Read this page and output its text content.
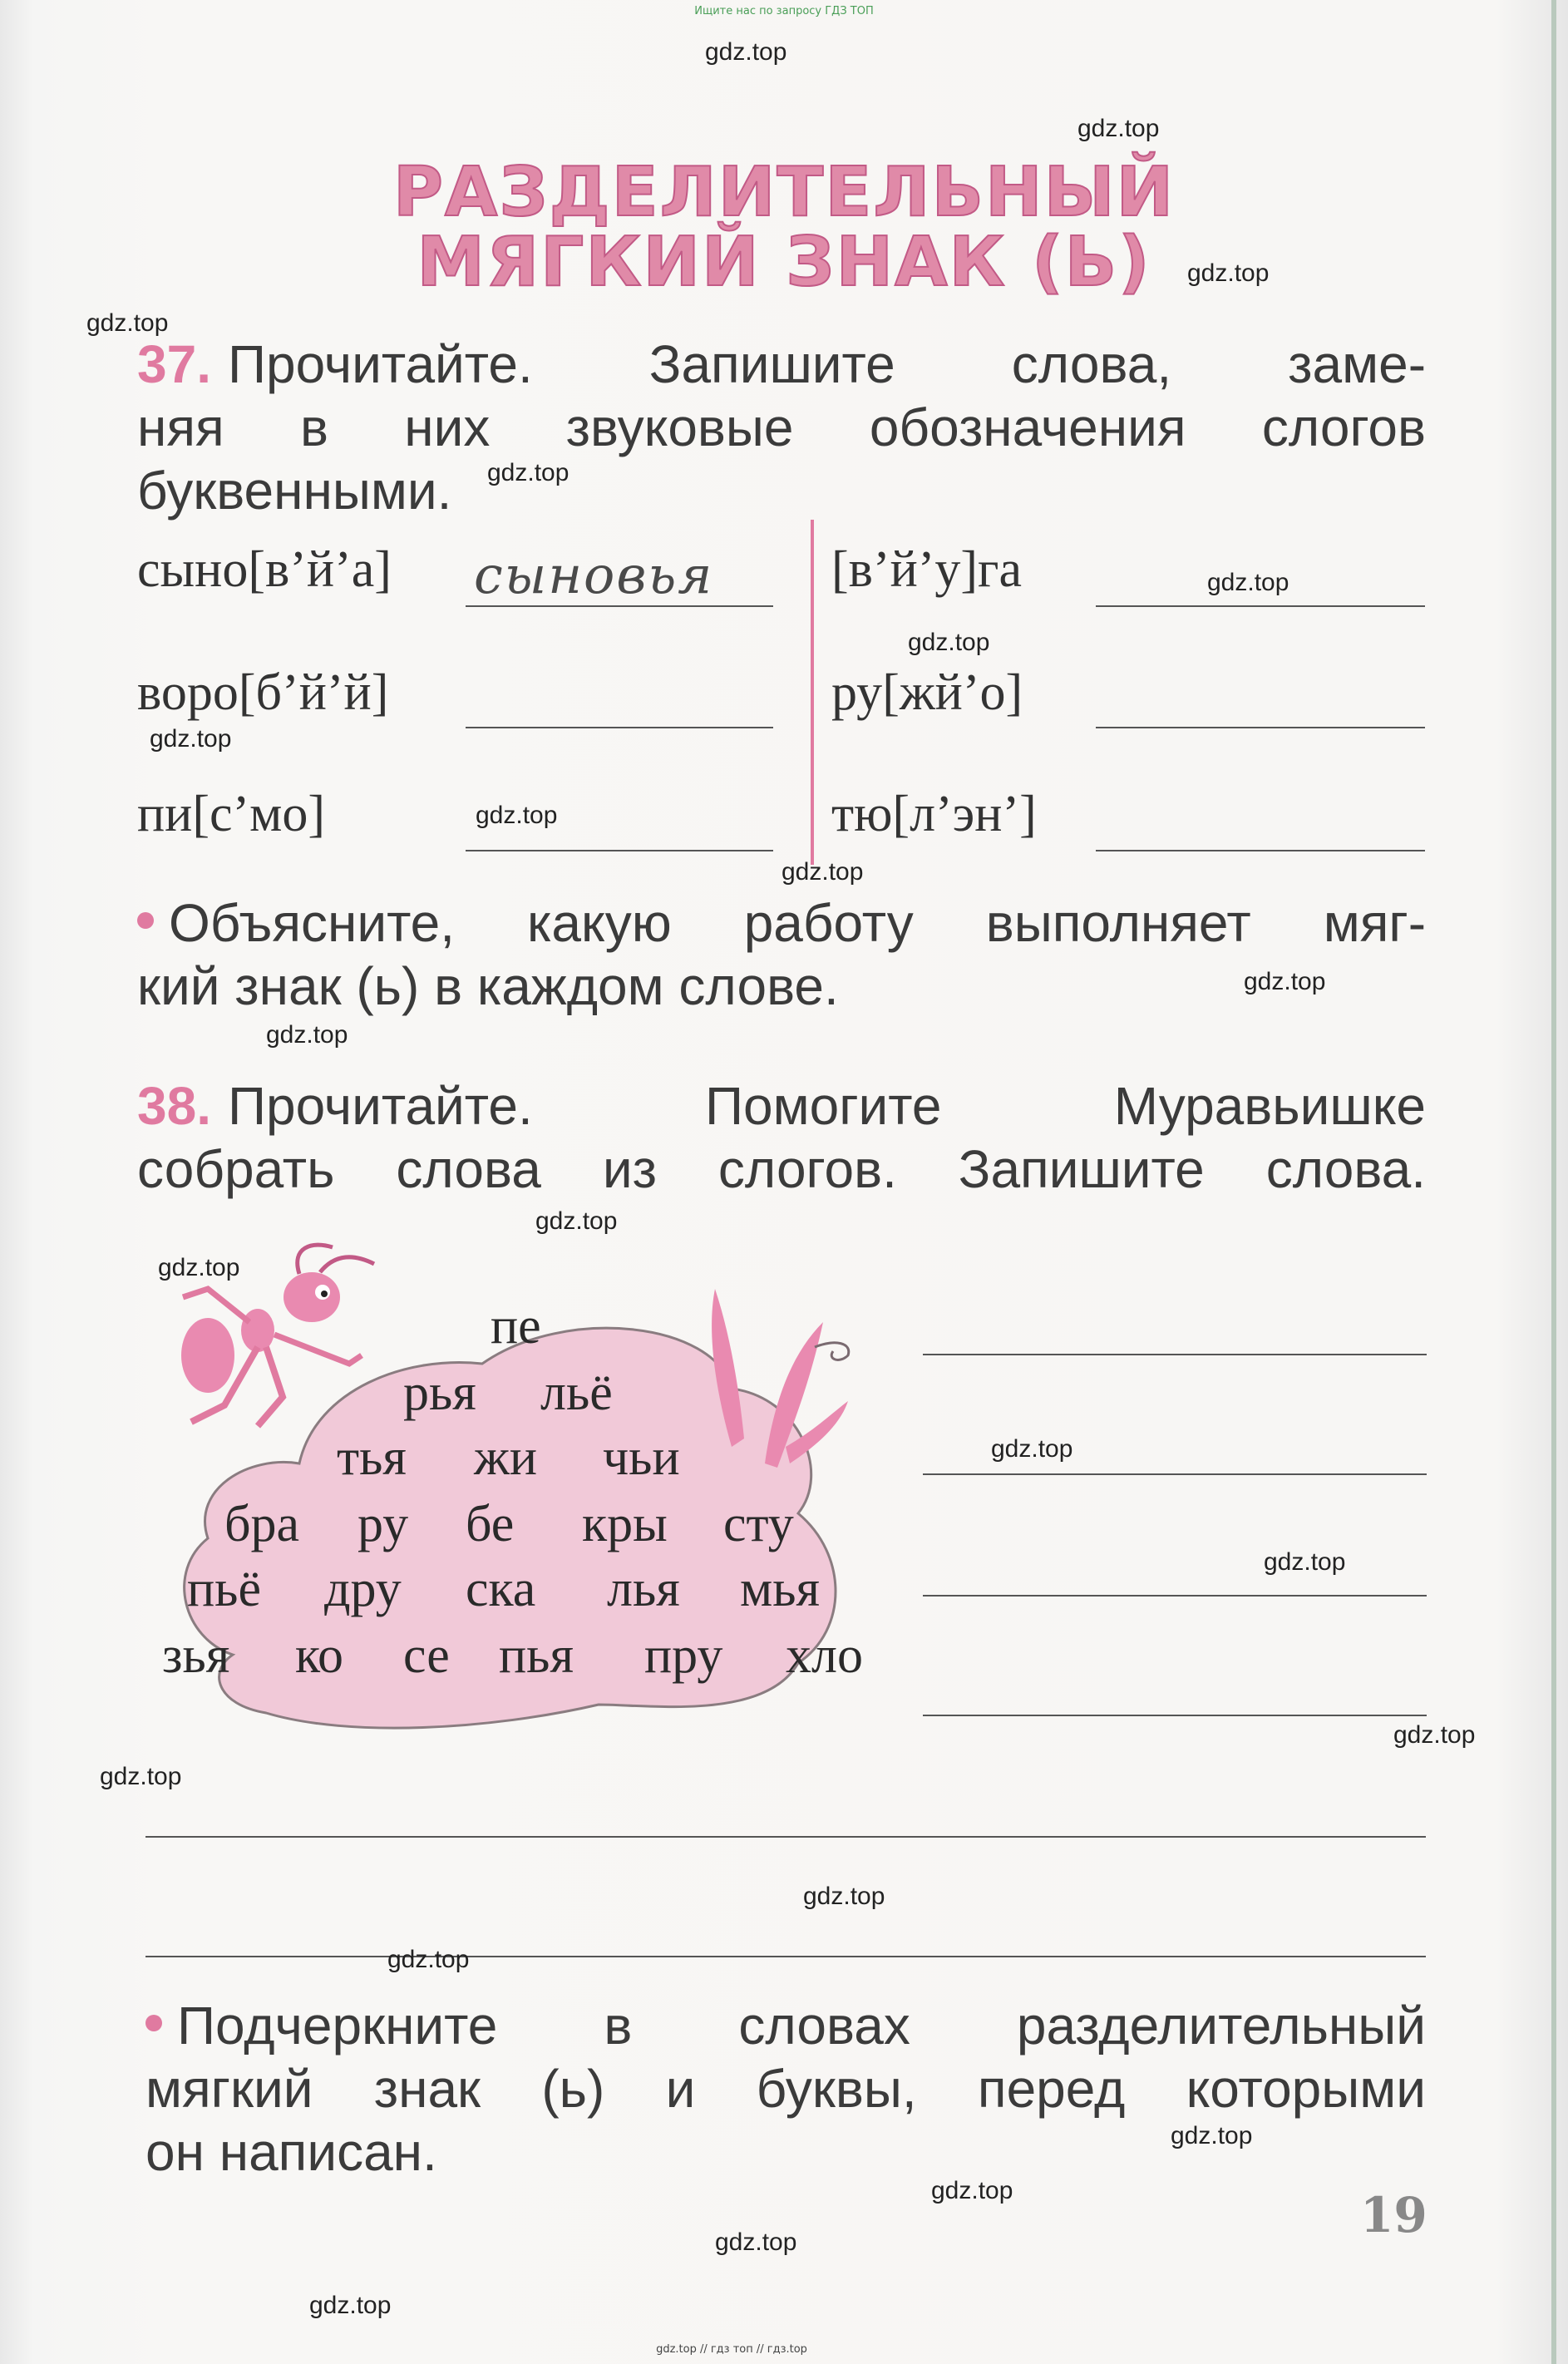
Ищите нас по запросу ГДЗ ТОП
РАЗДЕЛИТЕЛЬНЫЙ
МЯГКИЙ ЗНАК (Ь)
37. Прочитайте. Запишите слова, заме-
няя в них звуковые обозначения слогов
буквенными.
сыно[в’й’а] сыновья
воро[б’й’й]
пи[с’мо]
[в’й’у]га
ру[жй’о]
тю[л’эн’]
Объясните, какую работу выполняет мяг-
кий знак (ь) в каждом слове.
38. Прочитайте. Помогите Муравьишке
собрать слова из слогов. Запишите слова.
пе
рья льё
тья жи чьи
бра ру бе кры сту
пьё дру ска лья мья
зья ко се пья пру хло
Подчеркните в словах разделительный
мягкий знак (ь) и буквы, перед которыми
он написан.
19
gdz.top
gdz.top
gdz.top
gdz.top
gdz.top
gdz.top
gdz.top
gdz.top
gdz.top
gdz.top
gdz.top
gdz.top
gdz.top
gdz.top
gdz.top
gdz.top
gdz.top
gdz.top
gdz.top
gdz.top
gdz.top
gdz.top
gdz.top
gdz.top
gdz.top // гдз топ // гдз.top
